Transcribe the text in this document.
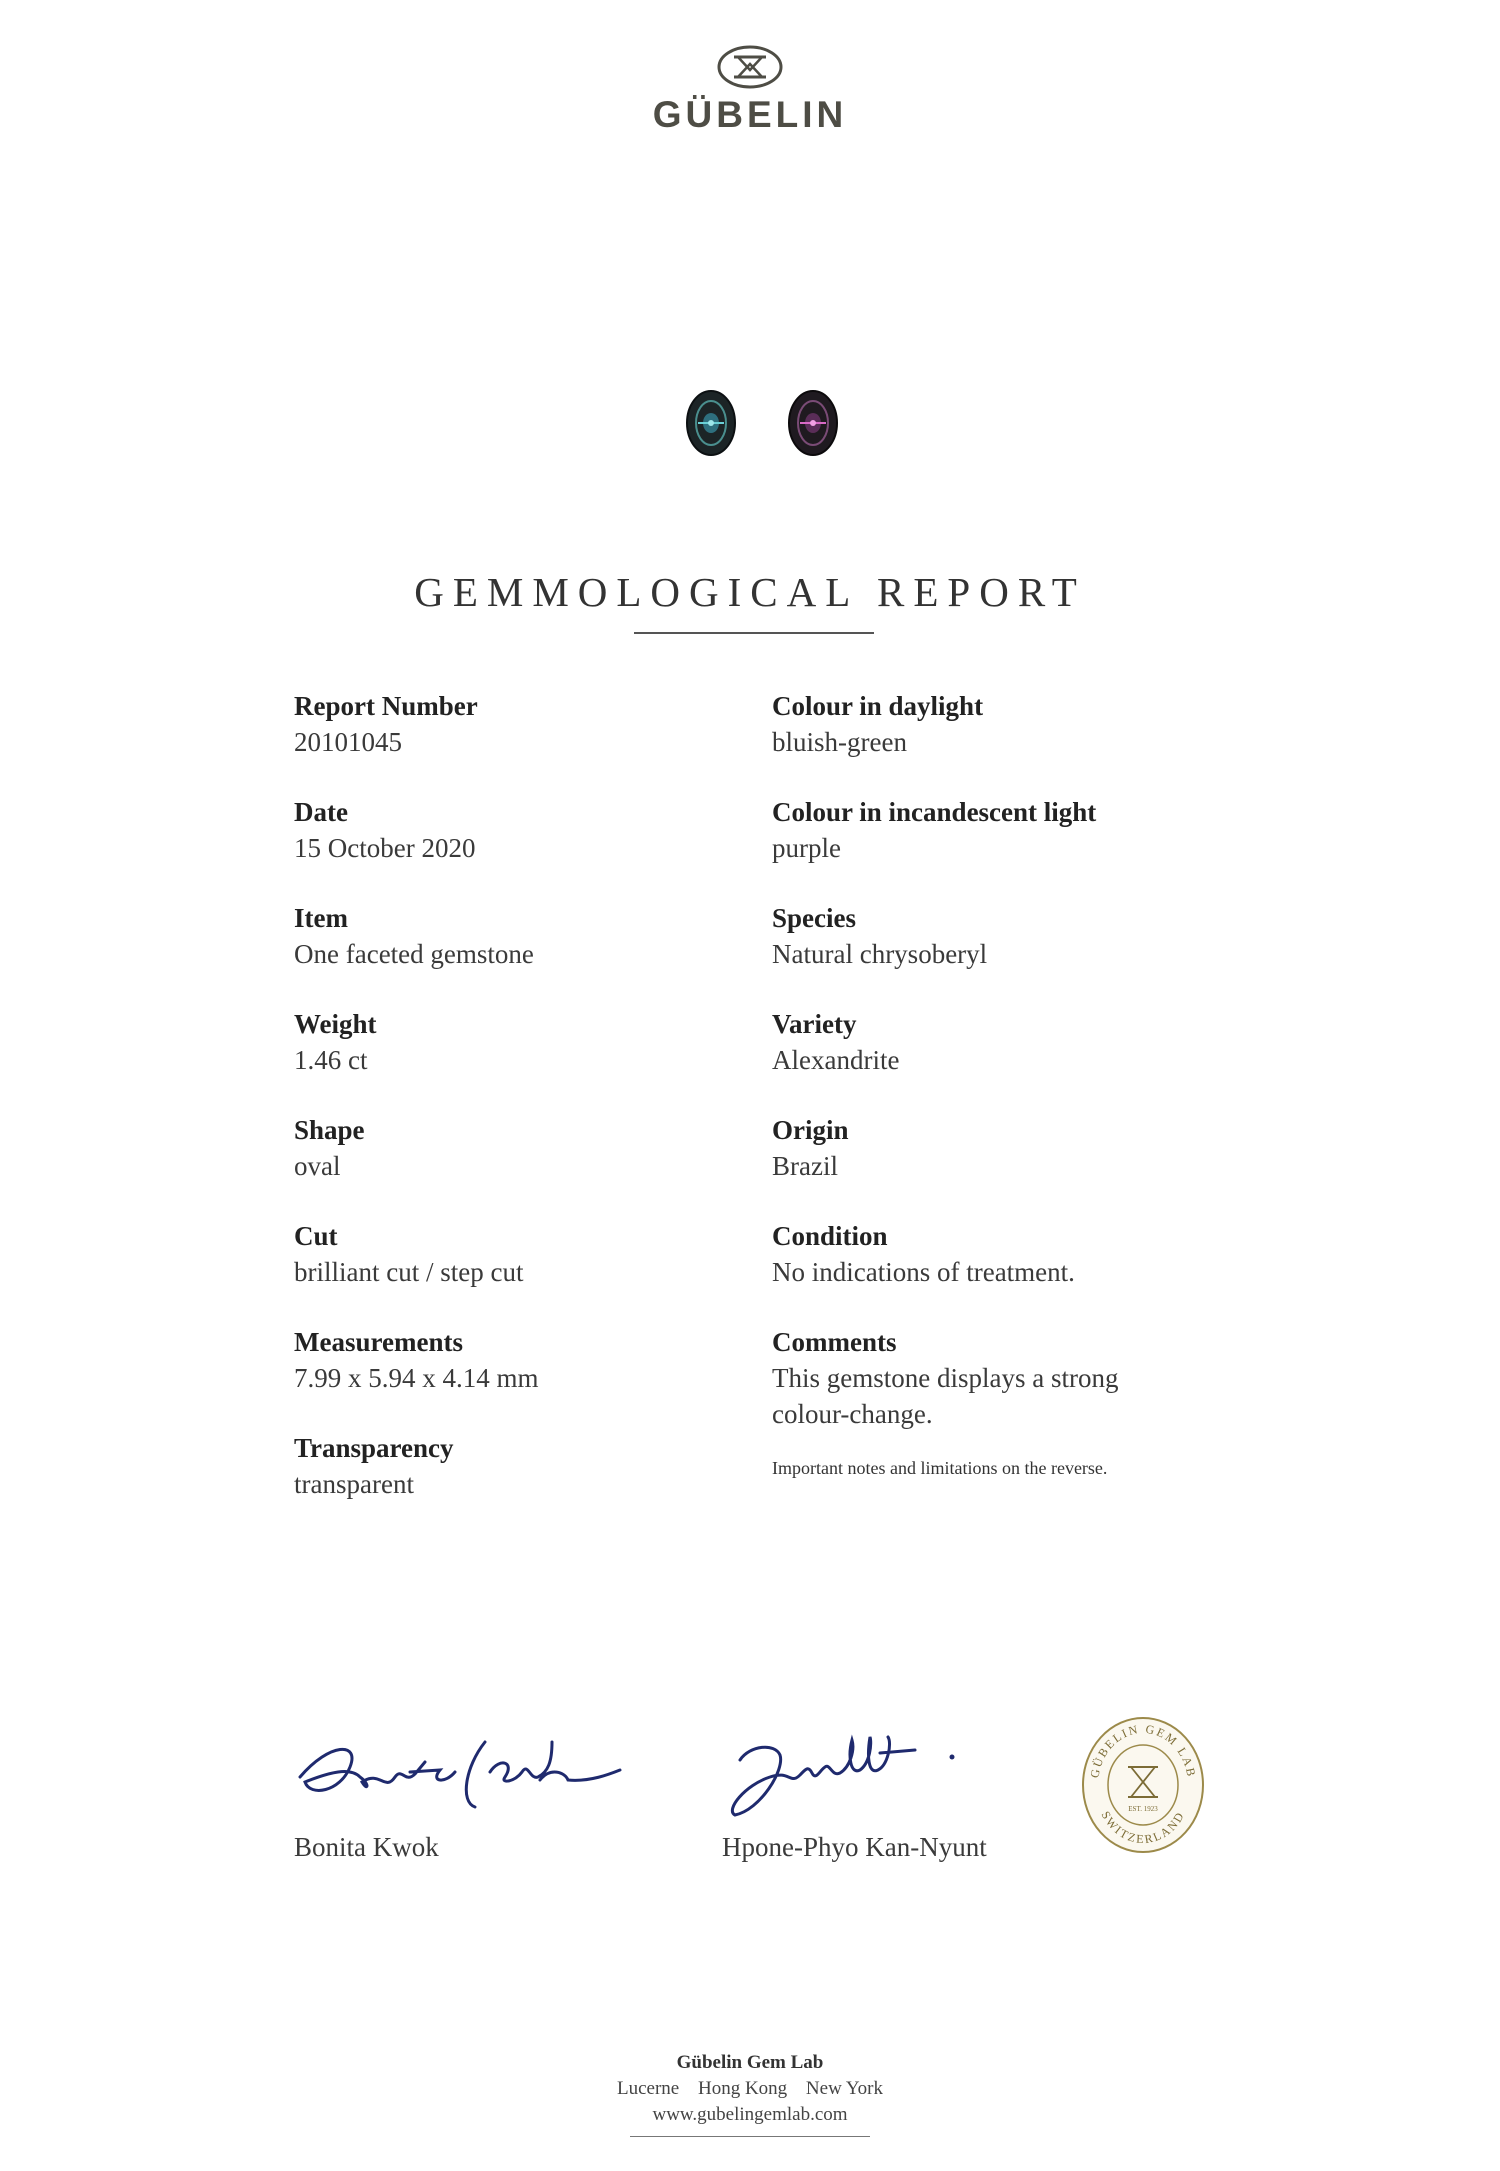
GÜBELIN
GEMMOLOGICAL REPORT
Report Number
20101045
Date
15 October 2020
Item
One faceted gemstone
Weight
1.46 ct
Shape
oval
Cut
brilliant cut / step cut
Measurements
7.99 x 5.94 x 4.14 mm
Transparency
transparent
Colour in daylight
bluish-green
Colour in incandescent light
purple
Species
Natural chrysoberyl
Variety
Alexandrite
Origin
Brazil
Condition
No indications of treatment.
Comments
This gemstone displays a strong
colour-change.
Important notes and limitations on the reverse.
Bonita Kwok	Hpone-Phyo Kan-Nyunt
GÜBELIN GEM LAB
SWITZERLAND
EST. 1923
Gübelin Gem Lab
Lucerne Hong Kong New York
www.gubelingemlab.com
